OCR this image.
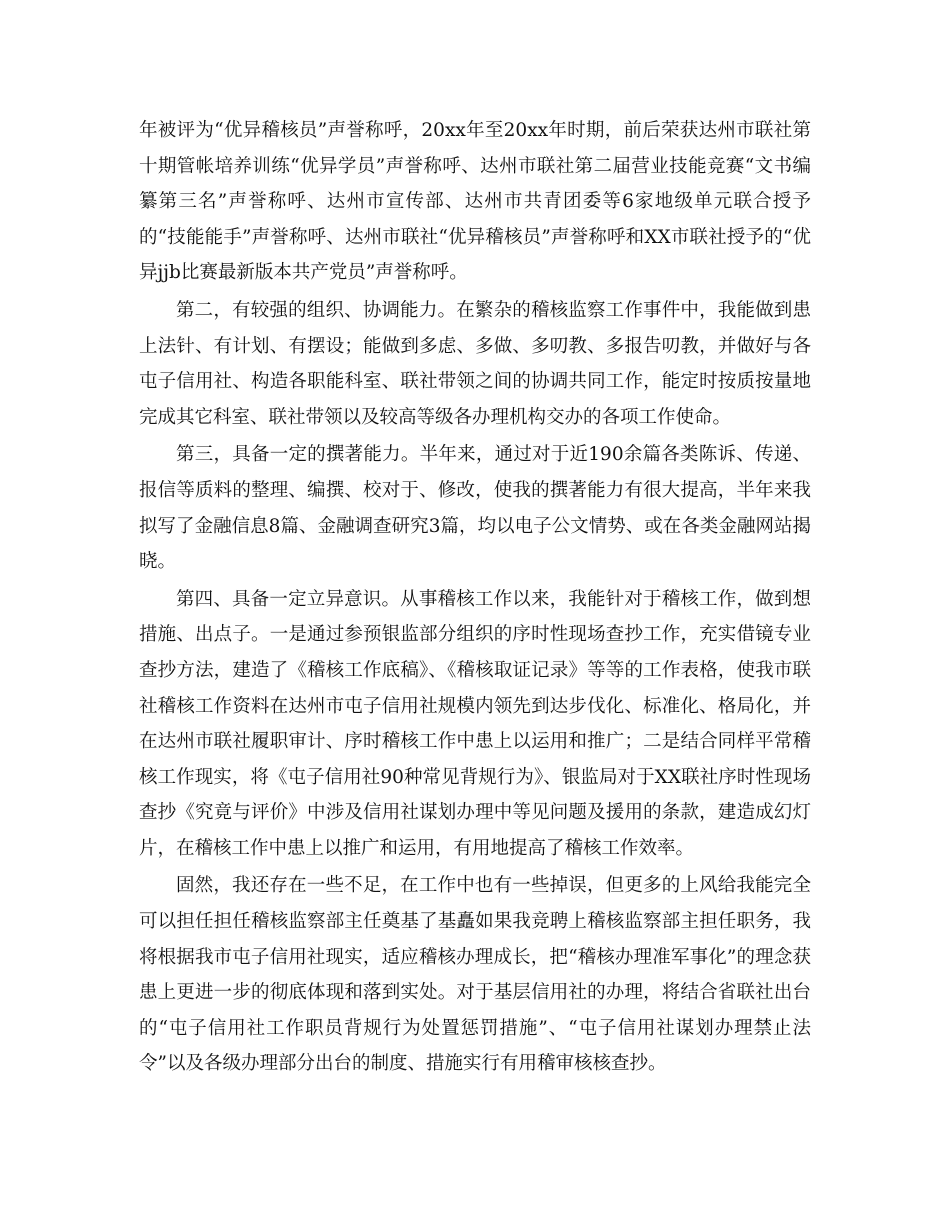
年被评为“优异稽核员”声誉称呼，20xx年至20xx年时期，前后荣获达州市联社第十期管帐培养训练“优异学员”声誉称呼、达州市联社第二届营业技能竞赛“文书编纂第三名”声誉称呼、达州市宣传部、达州市共青团委等6家地级单元联合授予的“技能能手”声誉称呼、达州市联社“优异稽核员”声誉称呼和XX市联社授予的“优异jjb比赛最新版本共产党员”声誉称呼。

第二，有较强的组织、协调能力。在繁杂的稽核监察工作事件中，我能做到患上法针、有计划、有摆设；能做到多虑、多做、多叨教、多报告叨教，并做好与各屯子信用社、构造各职能科室、联社带领之间的协调共同工作，能定时按质按量地完成其它科室、联社带领以及较高等级各办理机构交办的各项工作使命。

第三，具备一定的撰著能力。半年来，通过对于近190余篇各类陈诉、传递、报信等质料的整理、编撰、校对于、修改，使我的撰著能力有很大提高，半年来我拟写了金融信息8篇、金融调查研究3篇，均以电子公文情势、或在各类金融网站揭晓。

第四、具备一定立异意识。从事稽核工作以来，我能针对于稽核工作，做到想措施、出点子。一是通过参预银监部分组织的序时性现场查抄工作，充实借镜专业查抄方法，建造了《稽核工作底稿》、《稽核取证记录》等等的工作表格，使我市联社稽核工作资料在达州市屯子信用社规模内领先到达步伐化、标准化、格局化，并在达州市联社履职审计、序时稽核工作中患上以运用和推广；二是结合同样平常稽核工作现实，将《屯子信用社90种常见背规行为》、银监局对于XX联社序时性现场查抄《究竟与评价》中涉及信用社谋划办理中等见问题及援用的条款，建造成幻灯片，在稽核工作中患上以推广和运用，有用地提高了稽核工作效率。

固然，我还存在一些不足，在工作中也有一些掉误，但更多的上风给我能完全可以担任担任稽核监察部主任奠基了基矗如果我竞聘上稽核监察部主担任职务，我将根据我市屯子信用社现实，适应稽核办理成长，把“稽核办理准军事化”的理念获患上更进一步的彻底体现和落到实处。对于基层信用社的办理，将结合省联社出台的“屯子信用社工作职员背规行为处置惩罚措施”、“屯子信用社谋划办理禁止法令”以及各级办理部分出台的制度、措施实行有用稽审核核查抄。
